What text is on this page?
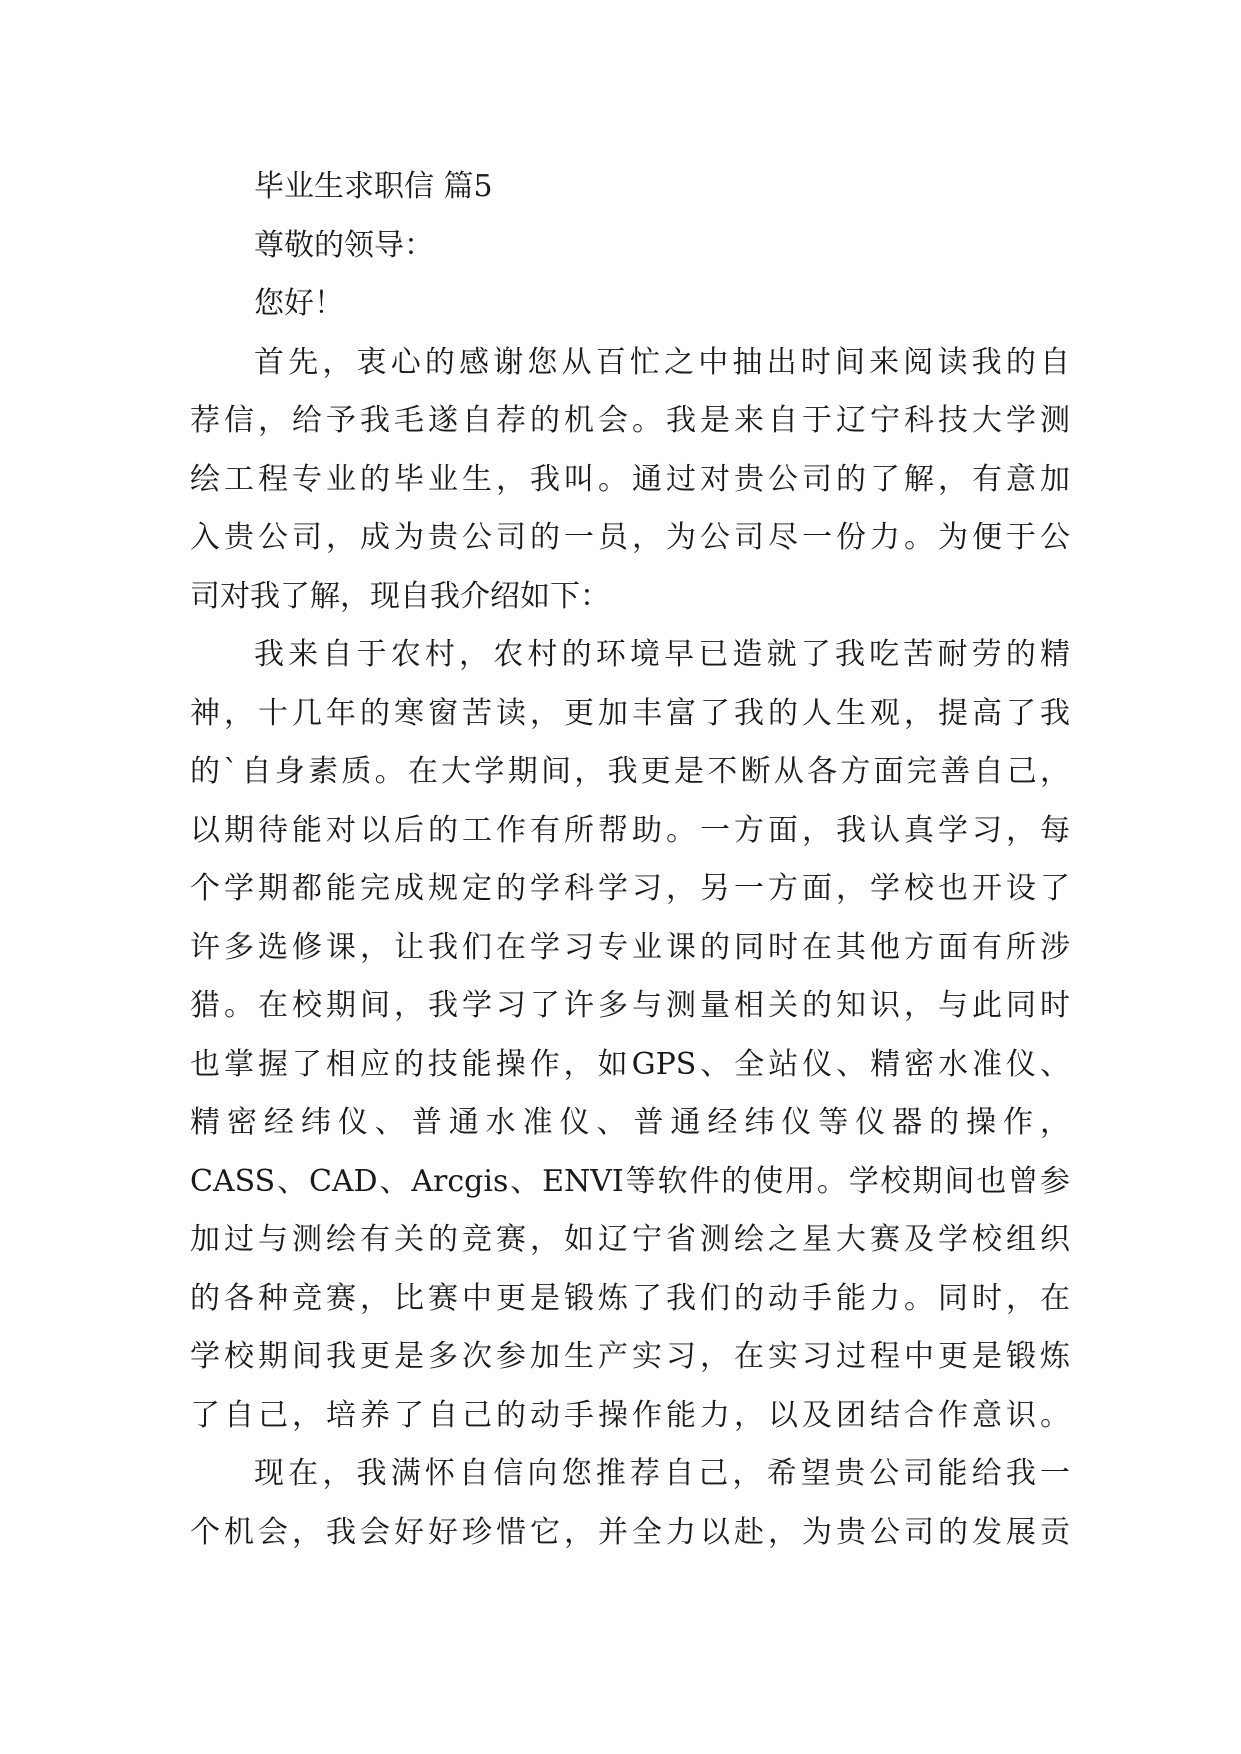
毕业生求职信 篇5

尊敬的领导：

您好！

首先，衷心的感谢您从百忙之中抽出时间来阅读我的自

荐信，给予我毛遂自荐的机会。我是来自于辽宁科技大学测

绘工程专业的毕业生，我叫。通过对贵公司的了解，有意加

入贵公司，成为贵公司的一员，为公司尽一份力。为便于公

司对我了解，现自我介绍如下：

我来自于农村，农村的环境早已造就了我吃苦耐劳的精

神，十几年的寒窗苦读，更加丰富了我的人生观，提高了我

的`自身素质。在大学期间，我更是不断从各方面完善自己，

以期待能对以后的工作有所帮助。一方面，我认真学习，每

个学期都能完成规定的学科学习，另一方面，学校也开设了

许多选修课，让我们在学习专业课的同时在其他方面有所涉

猎。在校期间，我学习了许多与测量相关的知识，与此同时

也掌握了相应的技能操作，如GPS、全站仪、精密水准仪、

精密经纬仪、普通水准仪、普通经纬仪等仪器的操作，

CASS、CAD、Arcgis、ENVI等软件的使用。学校期间也曾参

加过与测绘有关的竞赛，如辽宁省测绘之星大赛及学校组织

的各种竞赛，比赛中更是锻炼了我们的动手能力。同时，在

学校期间我更是多次参加生产实习，在实习过程中更是锻炼

了自己，培养了自己的动手操作能力，以及团结合作意识。

现在，我满怀自信向您推荐自己，希望贵公司能给我一

个机会，我会好好珍惜它，并全力以赴，为贵公司的发展贡
